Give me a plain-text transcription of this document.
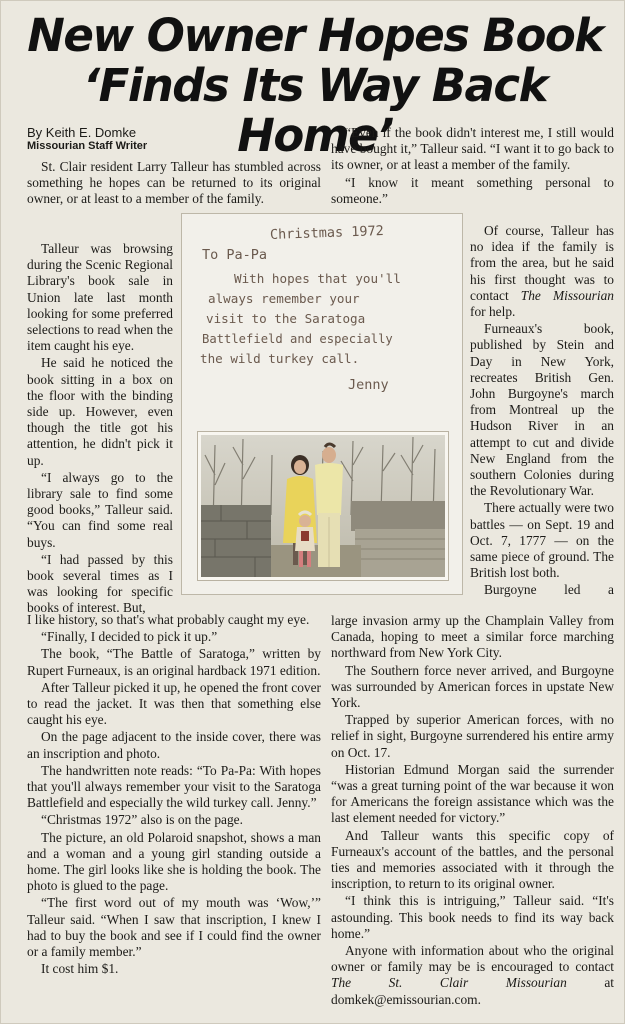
New Owner Hopes Book
‘Finds Its Way Back Home’
By Keith E. Domke
Missourian Staff Writer

St. Clair resident Larry Talleur has stumbled across something he hopes can be returned to its original owner, or at least to a member of the family.

Talleur was browsing during the Scenic Regional Library's book sale in Union late last month looking for some preferred selections to read when the item caught his eye.

He said he noticed the book sitting in a box on the floor with the binding side up. However, even though the title got his attention, he didn't pick it up.

“I always go to the library sale to find some good books,” Talleur said. “You can find some real buys.

“I had passed by this book several times as I was looking for specific books of interest. But,

I like history, so that's what probably caught my eye.

“Finally, I decided to pick it up.”

The book, “The Battle of Saratoga,” written by Rupert Furneaux, is an original hardback 1971 edition.

After Talleur picked it up, he opened the front cover to read the jacket. It was then that something else caught his eye.

On the page adjacent to the inside cover, there was an inscription and photo.

The handwritten note reads: “To Pa-Pa: With hopes that you'll always remember your visit to the Saratoga Battlefield and especially the wild turkey call. Jenny.”

“Christmas 1972” also is on the page.

The picture, an old Polaroid snapshot, shows a man and a woman and a young girl standing outside a home. The girl looks like she is holding the book. The photo is glued to the page.

“The first word out of my mouth was ‘Wow,’” Talleur said. “When I saw that inscription, I knew I had to buy the book and see if I could find the owner or a family member.”

It cost him $1.

“Even if the book didn't interest me, I still would have bought it,” Talleur said. “I want it to go back to its owner, or at least a member of the family.

“I know it meant something personal to someone.”

Of course, Talleur has no idea if the family is from the area, but he said his first thought was to contact The Missourian for help.

Furneaux's book, published by Stein and Day in New York, recreates British Gen. John Burgoyne's march from Montreal up the Hudson River in an attempt to cut and divide New England from the southern Colonies during the Revolutionary War.

There actually were two battles — on Sept. 19 and Oct. 7, 1777 — on the same piece of ground. The British lost both.

Burgoyne led a

large invasion army up the Champlain Valley from Canada, hoping to meet a similar force marching northward from New York City.

The Southern force never arrived, and Burgoyne was surrounded by American forces in upstate New York.

Trapped by superior American forces, with no relief in sight, Burgoyne surrendered his entire army on Oct. 17.

Historian Edmund Morgan said the surrender “was a great turning point of the war because it won for Americans the foreign assistance which was the last element needed for victory.”

And Talleur wants this specific copy of Furneaux's account of the battles, and the personal ties and memories associated with it through the inscription, to return to its original owner.

“I think this is intriguing,” Talleur said. “It's astounding. This book needs to find its way back home.”

Anyone with information about who the original owner or family may be is encouraged to contact The St. Clair Missourian	at domkek@emissourian.com.

Christmas 1972
To Pa-Pa
With hopes that you'll
always remember your
visit to the Saratoga
Battlefield and especially
the wild turkey call.
Jenny
